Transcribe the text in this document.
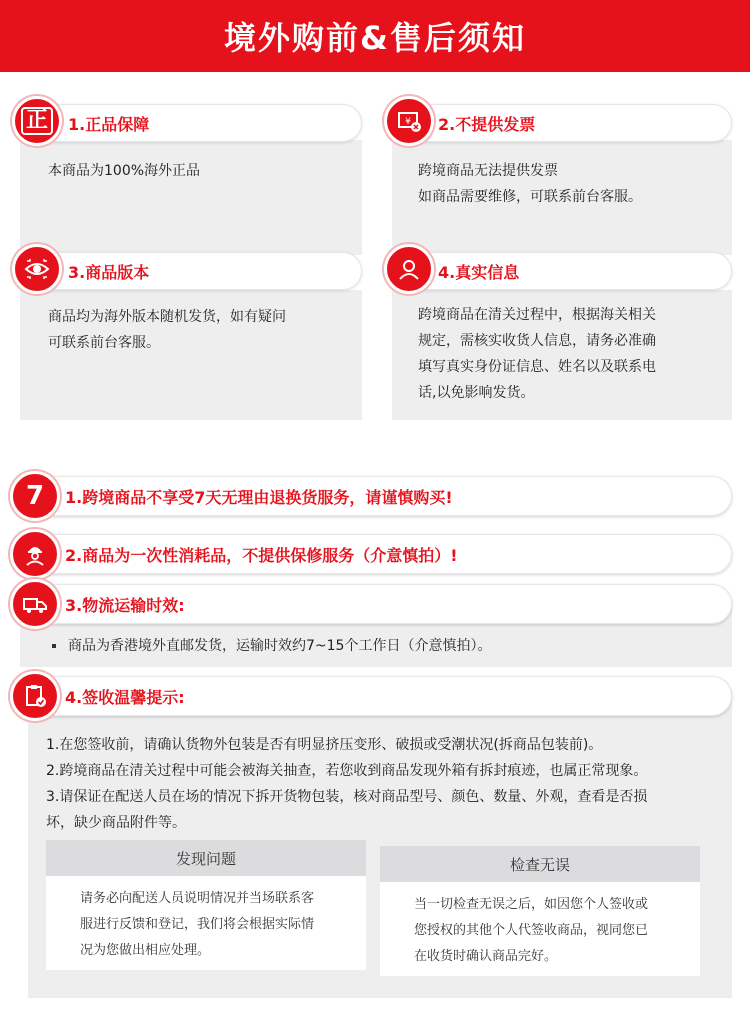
境外购前&售后须知
本商品为100%海外正品
1.正品保障
正
跨境商品无法提供发票
如商品需要维修，可联系前台客服。
2.不提供发票
¥
商品均为海外版本随机发货，如有疑问
可联系前台客服。
3.商品版本
跨境商品在清关过程中，根据海关相关
规定，需核实收货人信息，请务必准确
填写真实身份证信息、姓名以及联系电
话,以免影响发货。
4.真实信息
1.跨境商品不享受7天无理由退换货服务，请谨慎购买!
7
2.商品为一次性消耗品，不提供保修服务（介意慎拍）!
商品为香港境外直邮发货，运输时效约7~15个工作日（介意慎拍）。
3.物流运输时效:
1.在您签收前，请确认货物外包装是否有明显挤压变形、破损或受潮状况(拆商品包装前)。
2.跨境商品在清关过程中可能会被海关抽查，若您收到商品发现外箱有拆封痕迹，也属正常现象。
3.请保证在配送人员在场的情况下拆开货物包装，核对商品型号、颜色、数量、外观，查看是否损
坏，缺少商品附件等。
4.签收温馨提示:
发现问题
请务必向配送人员说明情况并当场联系客
服进行反馈和登记，我们将会根据实际情
况为您做出相应处理。
检查无误
当一切检查无误之后，如因您个人签收或
您授权的其他个人代签收商品，视同您已
在收货时确认商品完好。
